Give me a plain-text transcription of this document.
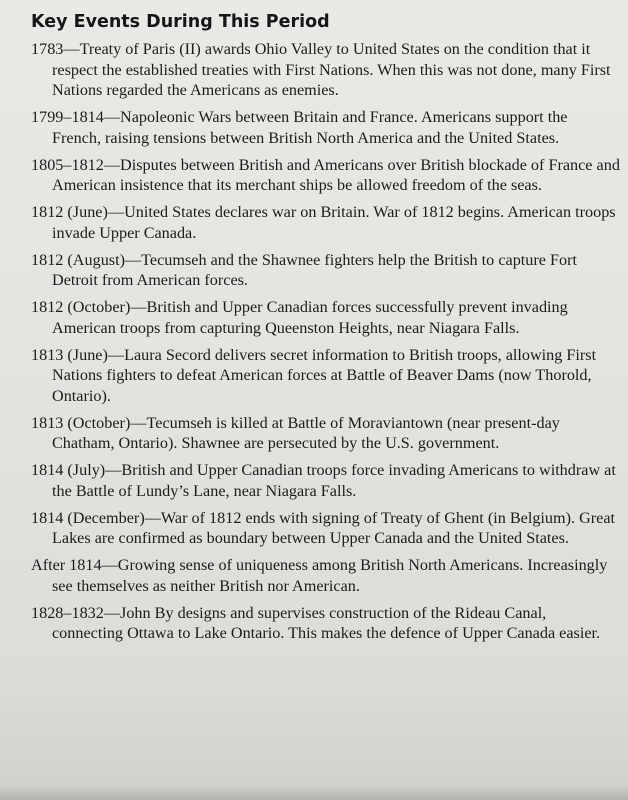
Key Events During This Period
1783—Treaty of Paris (II) awards Ohio Valley to United States on the condition that it respect the established treaties with First Nations. When this was not done, many First Nations regarded the Americans as enemies.
1799–1814—Napoleonic Wars between Britain and France. Americans support the French, raising tensions between British North America and the United States.
1805–1812—Disputes between British and Americans over British blockade of France and American insistence that its merchant ships be allowed freedom of the seas.
1812 (June)—United States declares war on Britain. War of 1812 begins. American troops invade Upper Canada.
1812 (August)—Tecumseh and the Shawnee fighters help the British to capture Fort Detroit from American forces.
1812 (October)—British and Upper Canadian forces successfully prevent invading American troops from capturing Queenston Heights, near Niagara Falls.
1813 (June)—Laura Secord delivers secret information to British troops, allowing First Nations fighters to defeat American forces at Battle of Beaver Dams (now Thorold, Ontario).
1813 (October)—Tecumseh is killed at Battle of Moraviantown (near present-day Chatham, Ontario). Shawnee are persecuted by the U.S. government.
1814 (July)—British and Upper Canadian troops force invading Americans to withdraw at the Battle of Lundy’s Lane, near Niagara Falls.
1814 (December)—War of 1812 ends with signing of Treaty of Ghent (in Belgium). Great Lakes are confirmed as boundary between Upper Canada and the United States.
After 1814—Growing sense of uniqueness among British North Americans. Increasingly see themselves as neither British nor American.
1828–1832—John By designs and supervises construction of the Rideau Canal, connecting Ottawa to Lake Ontario. This makes the defence of Upper Canada easier.
